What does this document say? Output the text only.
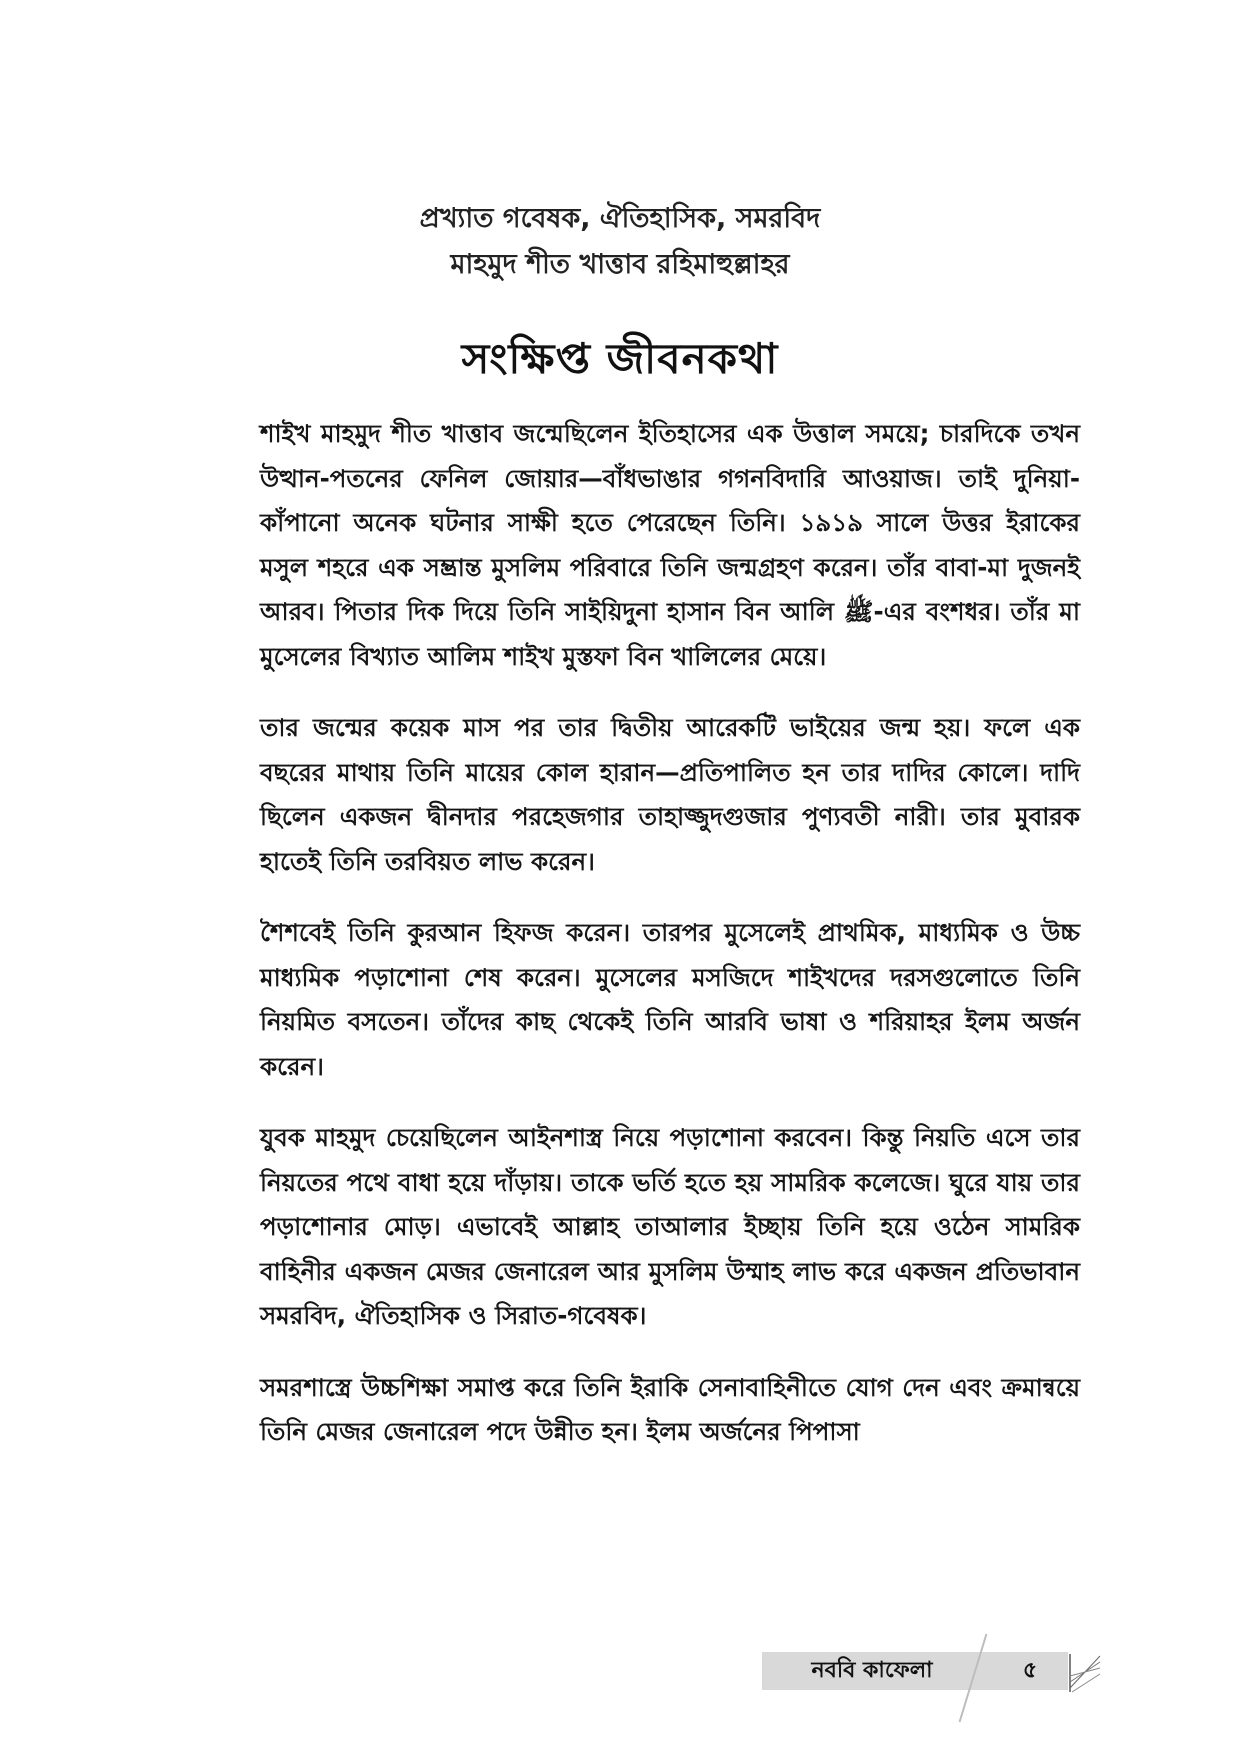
প্রখ্যাত গবেষক, ঐতিহাসিক, সমরবিদ
মাহমুদ শীত খাত্তাব রহিমাহুল্লাহর
সংক্ষিপ্ত জীবনকথা

শাইখ মাহমুদ শীত খাত্তাব জন্মেছিলেন ইতিহাসের এক উত্তাল সময়ে; চারদিকে তখন উত্থান-পতনের ফেনিল জোয়ার—বাঁধভাঙার গগনবিদারি আওয়াজ। তাই দুনিয়া-কাঁপানো অনেক ঘটনার সাক্ষী হতে পেরেছেন তিনি। ১৯১৯ সালে উত্তর ইরাকের মসুল শহরে এক সম্ভ্রান্ত মুসলিম পরিবারে তিনি জন্মগ্রহণ করেন। তাঁর বাবা-মা দুজনই আরব। পিতার দিক দিয়ে তিনি সাইয়িদুনা হাসান বিন আলি ﷺ-এর বংশধর। তাঁর মা মুসেলের বিখ্যাত আলিম শাইখ মুস্তফা বিন খালিলের মেয়ে।

তার জন্মের কয়েক মাস পর তার দ্বিতীয় আরেকটি ভাইয়ের জন্ম হয়। ফলে এক বছরের মাথায় তিনি মায়ের কোল হারান—প্রতিপালিত হন তার দাদির কোলে। দাদি ছিলেন একজন দ্বীনদার পরহেজগার তাহাজ্জুদগুজার পুণ্যবতী নারী। তার মুবারক হাতেই তিনি তরবিয়ত লাভ করেন।

শৈশবেই তিনি কুরআন হিফজ করেন। তারপর মুসেলেই প্রাথমিক, মাধ্যমিক ও উচ্চ মাধ্যমিক পড়াশোনা শেষ করেন। মুসেলের মসজিদে শাইখদের দরসগুলোতে তিনি নিয়মিত বসতেন। তাঁদের কাছ থেকেই তিনি আরবি ভাষা ও শরিয়াহর ইলম অর্জন করেন।

যুবক মাহমুদ চেয়েছিলেন আইনশাস্ত্র নিয়ে পড়াশোনা করবেন। কিন্তু নিয়তি এসে তার নিয়তের পথে বাধা হয়ে দাঁড়ায়। তাকে ভর্তি হতে হয় সামরিক কলেজে। ঘুরে যায় তার পড়াশোনার মোড়। এভাবেই আল্লাহ তাআলার ইচ্ছায় তিনি হয়ে ওঠেন সামরিক বাহিনীর একজন মেজর জেনারেল আর মুসলিম উম্মাহ লাভ করে একজন প্রতিভাবান সমরবিদ, ঐতিহাসিক ও সিরাত-গবেষক।

সমরশাস্ত্রে উচ্চশিক্ষা সমাপ্ত করে তিনি ইরাকি সেনাবাহিনীতে যোগ দেন এবং ক্রমান্বয়ে তিনি মেজর জেনারেল পদে উন্নীত হন। ইলম অর্জনের পিপাসা

নববি কাফেলা	৫
